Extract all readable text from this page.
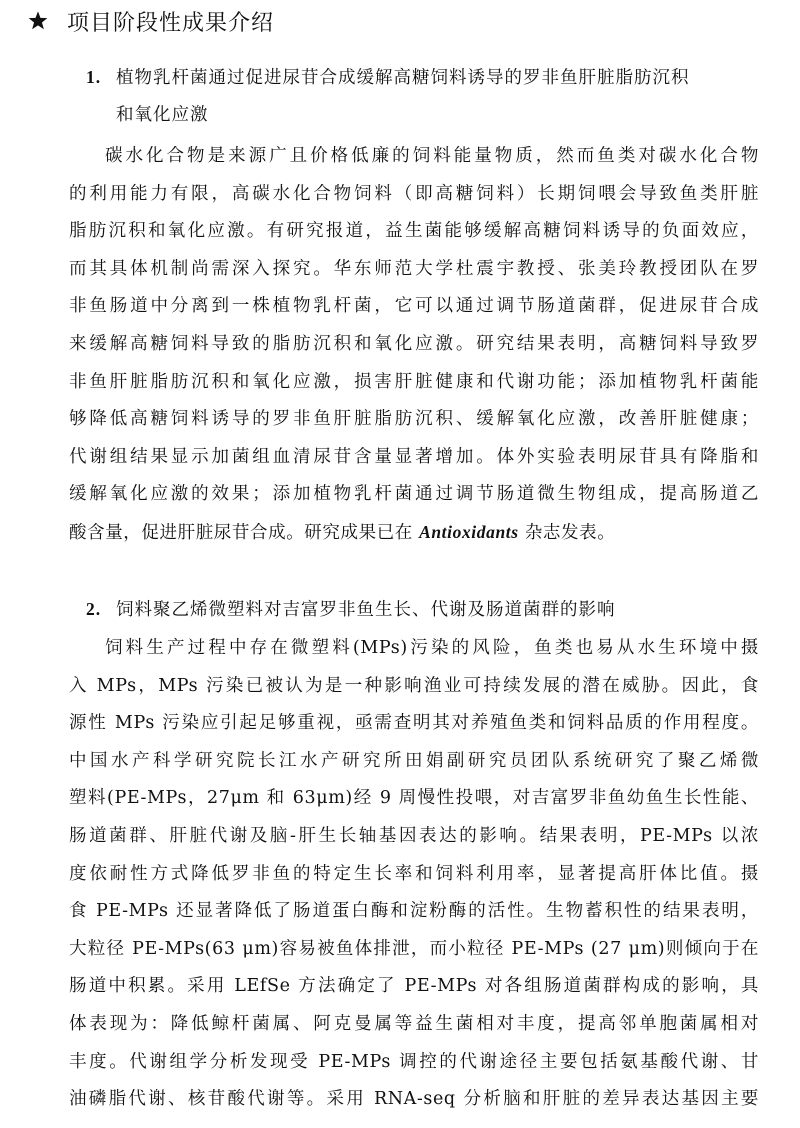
项目阶段性成果介绍
1. 植物乳杆菌通过促进尿苷合成缓解高糖饲料诱导的罗非鱼肝脏脂肪沉积
和氧化应激
碳水化合物是来源广且价格低廉的饲料能量物质，然而鱼类对碳水化合物
的利用能力有限，高碳水化合物饲料（即高糖饲料）长期饲喂会导致鱼类肝脏
脂肪沉积和氧化应激。有研究报道，益生菌能够缓解高糖饲料诱导的负面效应，
而其具体机制尚需深入探究。华东师范大学杜震宇教授、张美玲教授团队在罗
非鱼肠道中分离到一株植物乳杆菌，它可以通过调节肠道菌群，促进尿苷合成
来缓解高糖饲料导致的脂肪沉积和氧化应激。研究结果表明，高糖饲料导致罗
非鱼肝脏脂肪沉积和氧化应激，损害肝脏健康和代谢功能；添加植物乳杆菌能
够降低高糖饲料诱导的罗非鱼肝脏脂肪沉积、缓解氧化应激，改善肝脏健康；
代谢组结果显示加菌组血清尿苷含量显著增加。体外实验表明尿苷具有降脂和
缓解氧化应激的效果；添加植物乳杆菌通过调节肠道微生物组成，提高肠道乙
酸含量，促进肝脏尿苷合成。研究成果已在 Antioxidants 杂志发表。
2. 饲料聚乙烯微塑料对吉富罗非鱼生长、代谢及肠道菌群的影响
饲料生产过程中存在微塑料(MPs)污染的风险，鱼类也易从水生环境中摄
入 MPs，MPs 污染已被认为是一种影响渔业可持续发展的潜在威胁。因此，食
源性 MPs 污染应引起足够重视，亟需查明其对养殖鱼类和饲料品质的作用程度。
中国水产科学研究院长江水产研究所田娟副研究员团队系统研究了聚乙烯微
塑料(PE-MPs，27μm 和 63μm)经 9 周慢性投喂，对吉富罗非鱼幼鱼生长性能、
肠道菌群、肝脏代谢及脑-肝生长轴基因表达的影响。结果表明，PE-MPs 以浓
度依耐性方式降低罗非鱼的特定生长率和饲料利用率，显著提高肝体比值。摄
食 PE-MPs 还显著降低了肠道蛋白酶和淀粉酶的活性。生物蓄积性的结果表明，
大粒径 PE-MPs(63 μm)容易被鱼体排泄，而小粒径 PE-MPs (27 μm)则倾向于在
肠道中积累。采用 LEfSe 方法确定了 PE-MPs 对各组肠道菌群构成的影响，具
体表现为：降低鲸杆菌属、阿克曼属等益生菌相对丰度，提高邻单胞菌属相对
丰度。代谢组学分析发现受 PE-MPs 调控的代谢途径主要包括氨基酸代谢、甘
油磷脂代谢、核苷酸代谢等。采用 RNA-seq 分析脑和肝脏的差异表达基因主要
